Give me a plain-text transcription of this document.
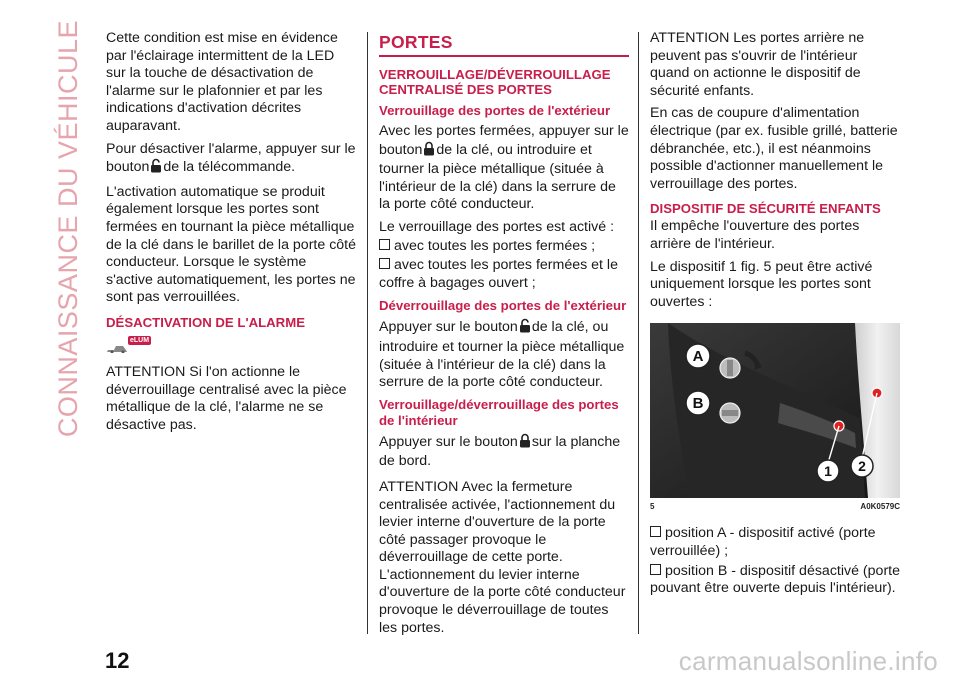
CONNAISSANCE DU VÉHICULE Cette condition est mise en évidence par l'éclairage intermittent de la LED sur la touche de désactivation de l'alarme sur le plafonnier et par les indications d'activation décrites auparavant.

Pour désactiver l'alarme, appuyer sur le bouton de la télécommande.

L'activation automatique se produit également lorsque les portes sont fermées en tournant la pièce métallique de la clé dans le barillet de la porte côté conducteur. Lorsque le système s'active automatiquement, les portes ne sont pas verrouillées.

DÉSACTIVATION DE L'ALARME
eLUM

ATTENTION Si l'on actionne le déverrouillage centralisé avec la pièce métallique de la clé, l'alarme ne se désactive pas.

PORTES
VERROUILLAGE/DÉVERROUILLAGE CENTRALISÉ DES PORTES
Verrouillage des portes de l'extérieur

Avec les portes fermées, appuyer sur le bouton de la clé, ou introduire et tourner la pièce métallique (située à l'intérieur de la clé) dans la serrure de la porte côté conducteur.

Le verrouillage des portes est activé :

avec toutes les portes fermées ;

avec toutes les portes fermées et le coffre à bagages ouvert ;

Déverrouillage des portes de l'extérieur

Appuyer sur le bouton de la clé, ou introduire et tourner la pièce métallique (située à l'intérieur de la clé) dans la serrure de la porte côté conducteur.

Verrouillage/déverrouillage des portes de l'intérieur

Appuyer sur le bouton sur la planche de bord.

ATTENTION Avec la fermeture centralisée activée, l'actionnement du levier interne d'ouverture de la porte côté passager provoque le déverrouillage de cette porte. L'actionnement du levier interne d'ouverture de la porte côté conducteur provoque le déverrouillage de toutes les portes.

ATTENTION Les portes arrière ne peuvent pas s'ouvrir de l'intérieur quand on actionne le dispositif de sécurité enfants.

En cas de coupure d'alimentation électrique (par ex. fusible grillé, batterie débranchée, etc.), il est néanmoins possible d'actionner manuellement le verrouillage des portes.

DISPOSITIF DE SÉCURITÉ ENFANTS

Il empêche l'ouverture des portes arrière de l'intérieur.

Le dispositif 1 fig. 5 peut être activé uniquement lorsque les portes sont ouvertes :

A
B
1 2
5	A0K0579C

position A - dispositif activé (porte verrouillée) ;

position B - dispositif désactivé (porte pouvant être ouverte depuis l'intérieur).

12	carmanualsonline.info
